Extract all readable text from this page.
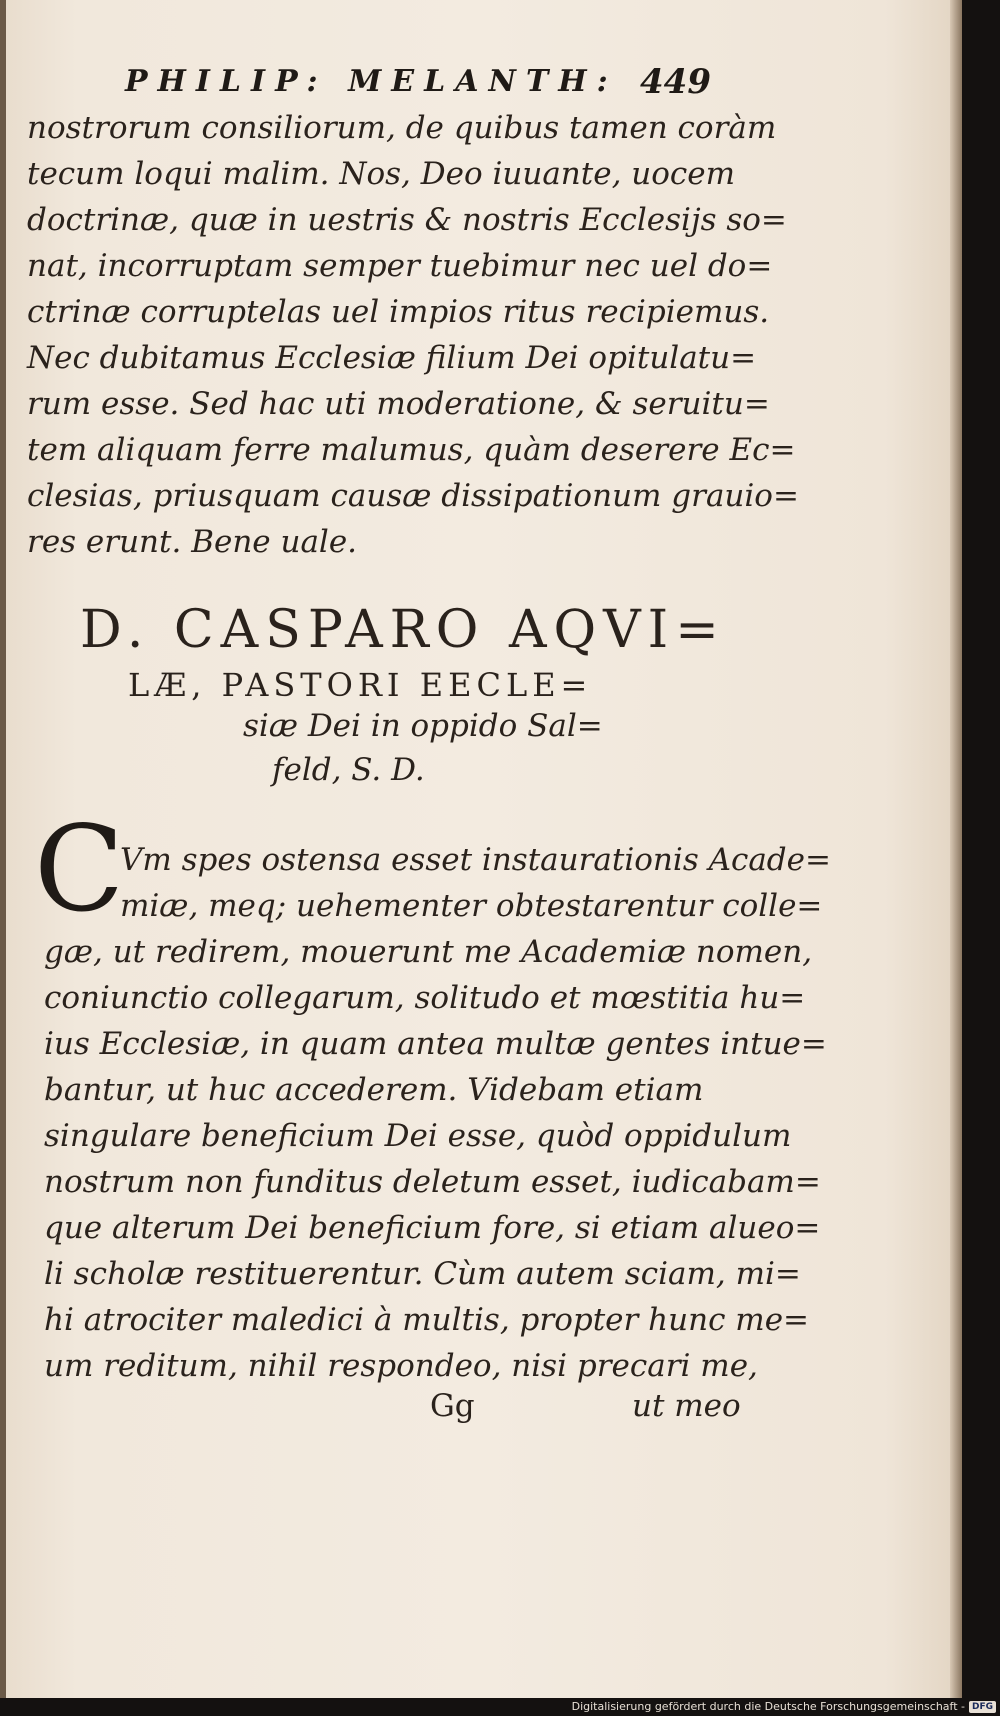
PHILIP: MELANTH: 449
nostrorum consiliorum, de quibus tamen coràm
tecum loqui malim. Nos, Deo iuuante, uocem
doctrinæ, quæ in uestris & nostris Ecclesijs so=
nat, incorruptam semper tuebimur nec uel do=
ctrinæ corruptelas uel impios ritus recipiemus.
Nec dubitamus Ecclesiæ filium Dei opitulatu=
rum esse. Sed hac uti moderatione, & seruitu=
tem aliquam ferre malumus, quàm deserere Ec=
clesias, priusquam causæ dissipationum grauio=
res erunt. Bene uale.
D. CASPARO AQVI=
LÆ, PASTORI EECLE=
siæ Dei in oppido Sal=
feld, S. D.
C
Vm spes ostensa esset instaurationis Acade=
miæ, meq; uehementer obtestarentur colle=
gæ, ut redirem, mouerunt me Academiæ nomen,
coniunctio collegarum, solitudo et mœstitia hu=
ius Ecclesiæ, in quam antea multæ gentes intue=
bantur, ut huc accederem. Videbam etiam
singulare beneficium Dei esse, quòd oppidulum
nostrum non funditus deletum esset, iudicabam=
que alterum Dei beneficium fore, si etiam alueo=
li scholæ restituerentur. Cùm autem sciam, mi=
hi atrociter maledici à multis, propter hunc me=
um reditum, nihil respondeo, nisi precari me,
Gg	ut meo
Digitalisierung gefördert durch die Deutsche Forschungsgemeinschaft - DFG
